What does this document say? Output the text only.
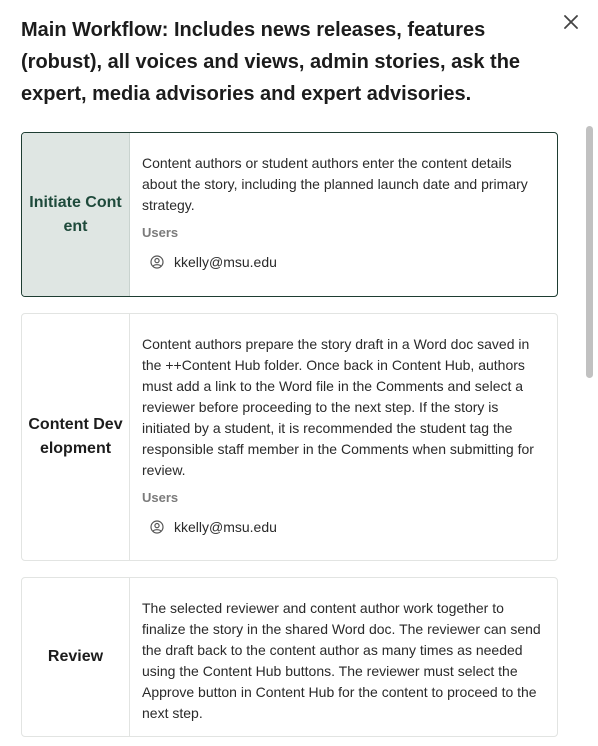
Main Workflow: Includes news releases, features (robust), all voices and views, admin stories, ask the expert, media advisories and expert advisories.
Initiate Content

Content authors or student authors enter the content details about the story, including the planned launch date and primary strategy.

Users
kkelly@msu.edu
Content Development

Content authors prepare the story draft in a Word doc saved in the ++Content Hub folder. Once back in Content Hub, authors must add a link to the Word file in the Comments and select a reviewer before proceeding to the next step. If the story is initiated by a student, it is recommended the student tag the responsible staff member in the Comments when submitting for review.

Users
kkelly@msu.edu
Review

The selected reviewer and content author work together to finalize the story in the shared Word doc. The reviewer can send the draft back to the content author as many times as needed using the Content Hub buttons. The reviewer must select the Approve button in Content Hub for the content to proceed to the next step.
